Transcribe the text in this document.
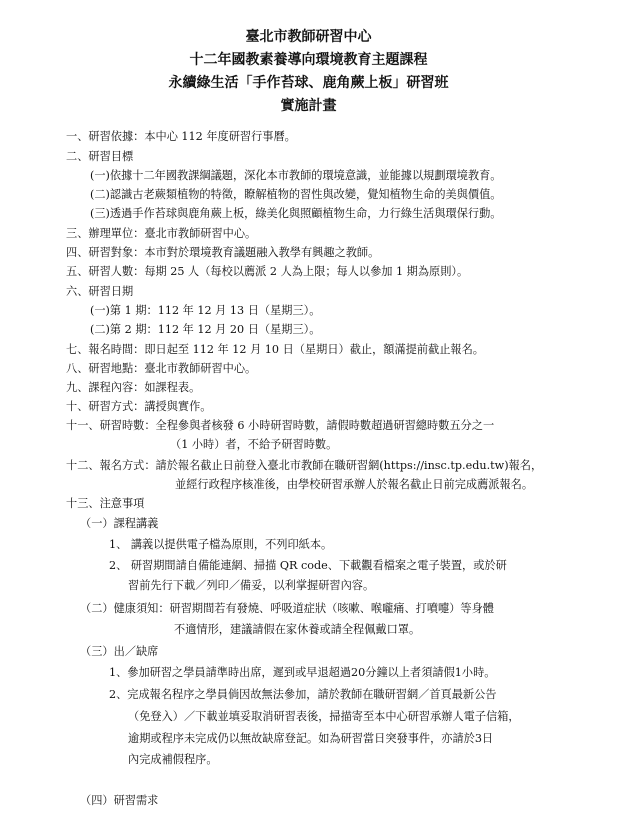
臺北市教師研習中心
十二年國教素養導向環境教育主題課程
永續綠生活「手作苔球、鹿角蕨上板」研習班
實施計畫
一、研習依據：本中心 112 年度研習行事曆。
二、研習目標
(一)依據十二年國教課綱議題，深化本市教師的環境意識，並能據以規劃環境教育。
(二)認識古老蕨類植物的特徵，瞭解植物的習性與改變，覺知植物生命的美與價值。
(三)透過手作苔球與鹿角蕨上板，綠美化與照顧植物生命，力行綠生活與環保行動。
三、辦理單位：臺北市教師研習中心。
四、研習對象：本市對於環境教育議題融入教學有興趣之教師。
五、研習人數：每期 25 人（每校以薦派 2 人為上限；每人以參加 1 期為原則）。
六、研習日期
(一)第 1 期：112 年 12 月 13 日（星期三）。
(二)第 2 期：112 年 12 月 20 日（星期三）。
七、報名時間：即日起至 112 年 12 月 10 日（星期日）截止，額滿提前截止報名。
八、研習地點：臺北市教師研習中心。
九、課程內容：如課程表。
十、研習方式：講授與實作。
十一、研習時數：全程參與者核發 6 小時研習時數，請假時數超過研習總時數五分之一
（1 小時）者，不給予研習時數。
十二、報名方式：請於報名截止日前登入臺北市教師在職研習網(https://insc.tp.edu.tw)報名，
並經行政程序核准後，由學校研習承辦人於報名截止日前完成薦派報名。
十三、注意事項
（一）課程講義
1、 講義以提供電子檔為原則，不列印紙本。
2、 研習期間請自備能連網、掃描 QR code、下載觀看檔案之電子裝置，或於研
習前先行下載／列印／備妥，以利掌握研習內容。
（二）健康須知：研習期間若有發燒、呼吸道症狀（咳嗽、喉嚨痛、打噴嚏）等身體
不適情形，建議請假在家休養或請全程佩戴口罩。
（三）出／缺席
1、參加研習之學員請準時出席，遲到或早退超過20分鐘以上者須請假1小時。
2、完成報名程序之學員倘因故無法參加，請於教師在職研習網／首頁最新公告
（免登入）／下載並填妥取消研習表後，掃描寄至本中心研習承辦人電子信箱，
逾期或程序未完成仍以無故缺席登記。如為研習當日突發事件，亦請於3日
內完成補假程序。
（四）研習需求
